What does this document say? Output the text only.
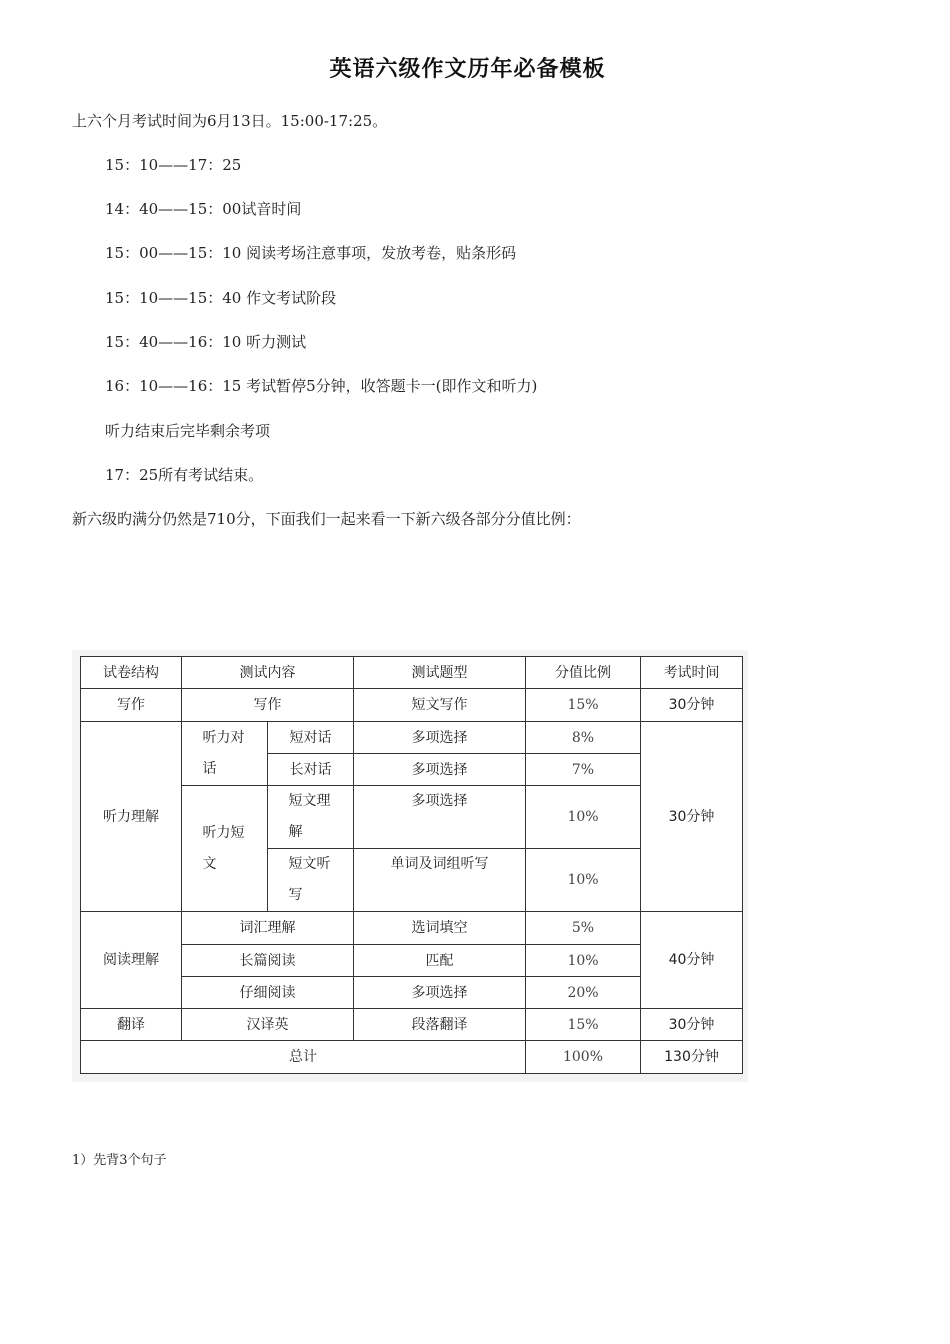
英语六级作文历年必备模板
上六个月考试时间为6月13日。15:00-17:25。
15：10——17：25
14：40——15：00试音时间
15：00——15：10 阅读考场注意事项，发放考卷，贴条形码
15：10——15：40 作文考试阶段
15：40——16：10 听力测试
16：10——16：15 考试暂停5分钟，收答题卡一(即作文和听力)
听力结束后完毕剩余考项
17：25所有考试结束。
新六级旳满分仍然是710分，下面我们一起来看一下新六级各部分分值比例：
试卷结构	测试内容		测试题型	分值比例	考试时间
写作	写作		短文写作	15%	30分钟
听力理解	听力对话	短对话	多项选择	8%	30分钟
		长对话	多项选择	7%	
	听力短文	短文理解	多项选择	10%	
		短文听写	单词及词组听写	10%	
阅读理解	词汇理解		选词填空	5%	40分钟
	长篇阅读		匹配	10%	
	仔细阅读		多项选择	20%	
翻译	汉译英		段落翻译	15%	30分钟
总计				100%	130分钟
1）先背3个句子
